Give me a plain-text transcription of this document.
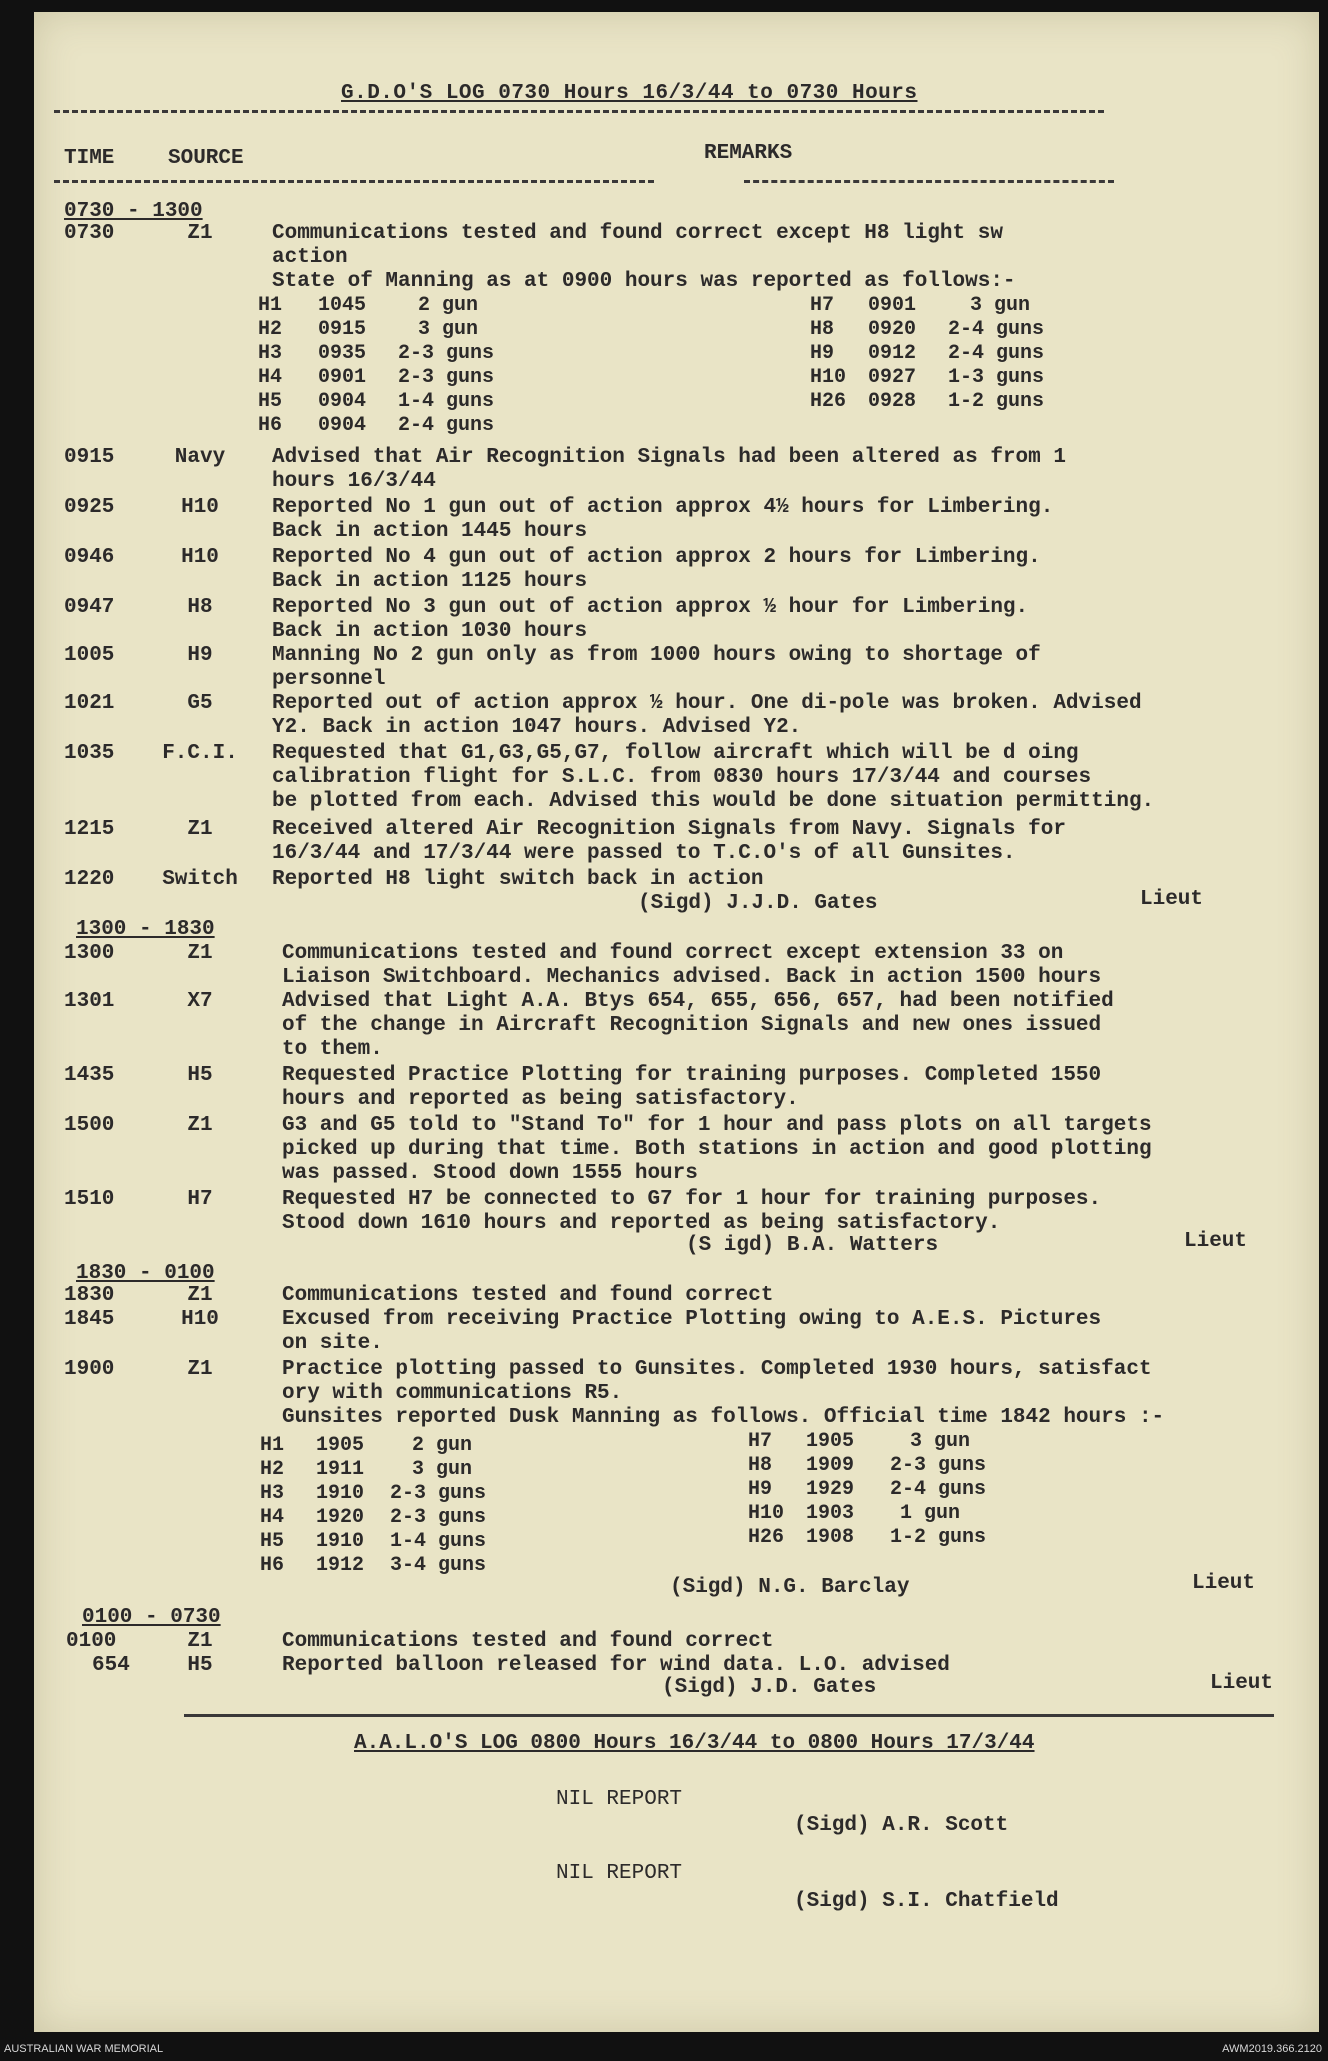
G.D.O'S LOG 0730 Hours 16/3/44 to 0730 Hours
TIME	SOURCE	REMARKS
0730 - 1300
0730	Z1	Communications tested and found correct except H8 light sw
action
State of Manning as at 0900 hours was reported as follows:-
H1 1045	2 gun
H2 0915	3 gun
H3 0935 2-3 guns
H4 0901 2-3 guns
H5 0904 1-4 guns
H6 0904 2-4 guns
H7 0901	3 gun
H8 0920 2-4 guns
H9 0912 2-4 guns
H10 0927 1-3 guns
H26 0928 1-2 guns
0915	Navy	Advised that Air Recognition Signals had been altered as from 1
hours 16/3/44
0925	H10	Reported No 1 gun out of action approx 4½ hours for Limbering.
Back in action 1445 hours
0946	H10	Reported No 4 gun out of action approx 2 hours for Limbering.
Back in action 1125 hours
0947	H8	Reported No 3 gun out of action approx ½ hour for Limbering.
Back in action 1030 hours
1005	H9	Manning No 2 gun only as from 1000 hours owing to shortage of
personnel
1021	G5	Reported out of action approx ½ hour. One di-pole was broken. Advised
Y2. Back in action 1047 hours. Advised Y2.
1035	F.C.I.	Requested that G1,G3,G5,G7, follow aircraft which will be d oing
calibration flight for S.L.C. from 0830 hours 17/3/44 and courses
be plotted from each. Advised this would be done situation permitting.
1215	Z1	Received altered Air Recognition Signals from Navy. Signals for
16/3/44 and 17/3/44 were passed to T.C.O's of all Gunsites.
1220	Switch	Reported H8 light switch back in action
(Sigd) J.J.D. Gates	Lieut
1300 - 1830
1300	Z1	Communications tested and found correct except extension 33 on
Liaison Switchboard. Mechanics advised. Back in action 1500 hours
1301	X7	Advised that Light A.A. Btys 654, 655, 656, 657, had been notified
of the change in Aircraft Recognition Signals and new ones issued
to them.
1435	H5	Requested Practice Plotting for training purposes. Completed 1550
hours and reported as being satisfactory.
1500	Z1	G3 and G5 told to "Stand To" for 1 hour and pass plots on all targets
picked up during that time. Both stations in action and good plotting
was passed. Stood down 1555 hours
1510	H7	Requested H7 be connected to G7 for 1 hour for training purposes.
Stood down 1610 hours and reported as being satisfactory.
(S igd) B.A. Watters	Lieut
1830 - 0100
1830	Z1	Communications tested and found correct
1845	H10	Excused from receiving Practice Plotting owing to A.E.S. Pictures
on site.
1900	Z1	Practice plotting passed to Gunsites. Completed 1930 hours, satisfact
ory with communications R5.
Gunsites reported Dusk Manning as follows. Official time 1842 hours :-
H1 1905 2 gun
H2 1911 3 gun
H3 1910 2-3 guns
H4 1920 2-3 guns
H5 1910 1-4 guns
H6 1912 3-4 guns
H7 1905	3 gun
H8 1909 2-3 guns
H9 1929 2-4 guns
H10 1903 1 gun
H26 1908 1-2 guns
(Sigd) N.G. Barclay	Lieut
0100 - 0730
0100	Z1	Communications tested and found correct
654	H5	Reported balloon released for wind data. L.O. advised
(Sigd) J.D. Gates	Lieut
A.A.L.O'S LOG 0800 Hours 16/3/44 to 0800 Hours 17/3/44
NIL REPORT
(Sigd) A.R. Scott
NIL REPORT
(Sigd) S.I. Chatfield
AUSTRALIAN WAR MEMORIAL	AWM2019.366.2120
